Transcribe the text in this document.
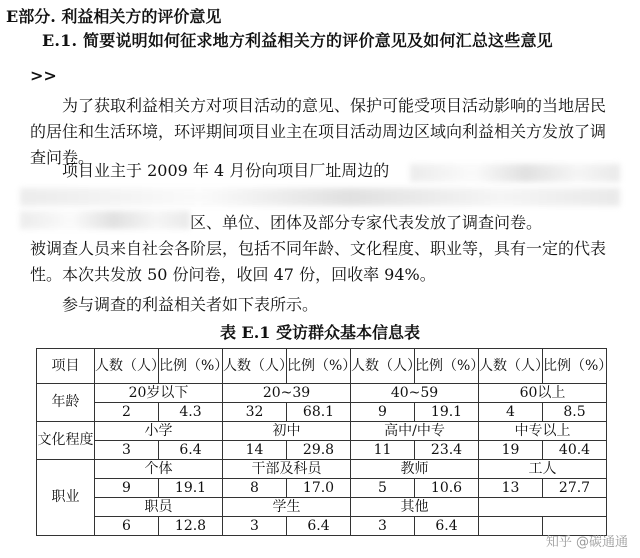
E部分. 利益相关方的评价意见
E.1. 简要说明如何征求地方利益相关方的评价意见及如何汇总这些意见
>>
为了获取利益相关方对项目活动的意见、保护可能受项目活动影响的当地居民的居住和生活环境，环评期间项目业主在项目活动周边区域向利益相关方发放了调查问卷。
项目业主于 2009 年 4 月份向项目厂址周边的
区、单位、团体及部分专家代表发放了调查问卷。
被调查人员来自社会各阶层，包括不同年龄、文化程度、职业等，具有一定的代表性。本次共发放 50 份问卷，收回 47 份，回收率 94%。
参与调查的利益相关者如下表所示。
表 E.1 受访群众基本信息表
项目	人数（人）	比例（%）	人数（人）	比例（%）	人数（人）	比例（%）	人数（人）	比例（%）
年龄	20岁以下		20~39		40~59		60以上	
	2	4.3	32	68.1	9	19.1	4	8.5
文化程度	小学		初中		高中/中专		中专以上	
	3	6.4	14	29.8	11	23.4	19	40.4
职业	个体		干部及科员		教师		工人	
	9	19.1	8	17.0	5	10.6	13	27.7
	职员		学生		其他			
	6	12.8	3	6.4	3	6.4		
知乎 @碳通通
